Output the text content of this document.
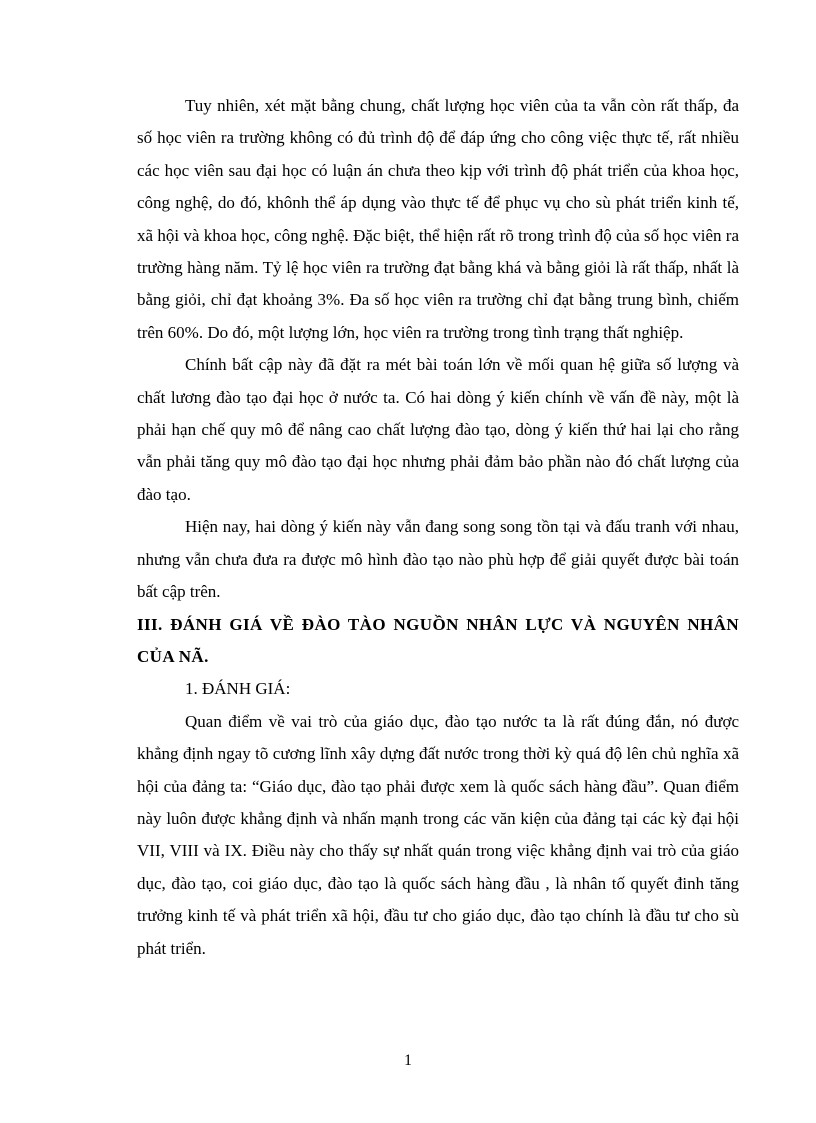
Tuy nhiên, xét mặt bằng chung, chất lượng học viên của ta vẫn còn rất thấp, đa số học viên ra trường không có đủ trình độ để đáp ứng cho công việc thực tế, rất nhiều các học viên sau đại học có luận án chưa theo kịp với trình độ phát triển của khoa học, công nghệ, do đó, khônh thể áp dụng vào thực tế để phục vụ cho sù phát triển kinh tế, xã hội và khoa học, công nghệ. Đặc biệt, thể hiện rất rõ trong trình độ của số học viên ra trường hàng năm. Tỷ lệ học viên ra trường đạt bằng khá và bằng giỏi là rất thấp, nhất là bằng giỏi, chỉ đạt khoảng 3%. Đa số học viên ra trường chỉ đạt bằng trung bình, chiếm trên 60%. Do đó, một lượng lớn, học viên ra trường trong tình trạng thất nghiệp.

Chính bất cập này đã đặt ra mét bài toán lớn về mối quan hệ giữa số lượng và chất lương đào tạo đại học ở nước ta. Có hai dòng ý kiến chính về vấn đề này, một là phải hạn chế quy mô để nâng cao chất lượng đào tạo, dòng ý kiến thứ hai lại cho rằng vẫn phải tăng quy mô đào tạo đại học nhưng phải đảm bảo phần nào đó chất lượng của đào tạo.

Hiện nay, hai dòng ý kiến này vẫn đang song song tồn tại và đấu tranh với nhau, nhưng vẫn chưa đưa ra được mô hình đào tạo nào phù hợp để giải quyết được bài toán bất cập trên.

III. ĐÁNH GIÁ VỀ ĐÀO TÀO NGUỒN NHÂN LỰC VÀ NGUYÊN NHÂN CỦA NÃ.

1. ĐÁNH GIÁ:

Quan điểm về vai trò của giáo dục, đào tạo nước ta là rất đúng đắn, nó được khẳng định ngay tõ cương lĩnh xây dựng đất nước trong thời kỳ quá độ lên chủ nghĩa xã hội của đảng ta: “Giáo dục, đào tạo phải được xem là quốc sách hàng đầu”. Quan điểm này luôn được khẳng định và nhấn mạnh trong các văn kiện của đảng tại các kỳ đại hội VII, VIII và IX. Điều này cho thấy sự nhất quán trong việc khẳng định vai trò của giáo dục, đào tạo, coi giáo dục, đào tạo là quốc sách hàng đầu , là nhân tố quyết đinh tăng trưởng kinh tế và phát triển xã hội, đầu tư cho giáo dục, đào tạo chính là đầu tư cho sù phát triển.

1
